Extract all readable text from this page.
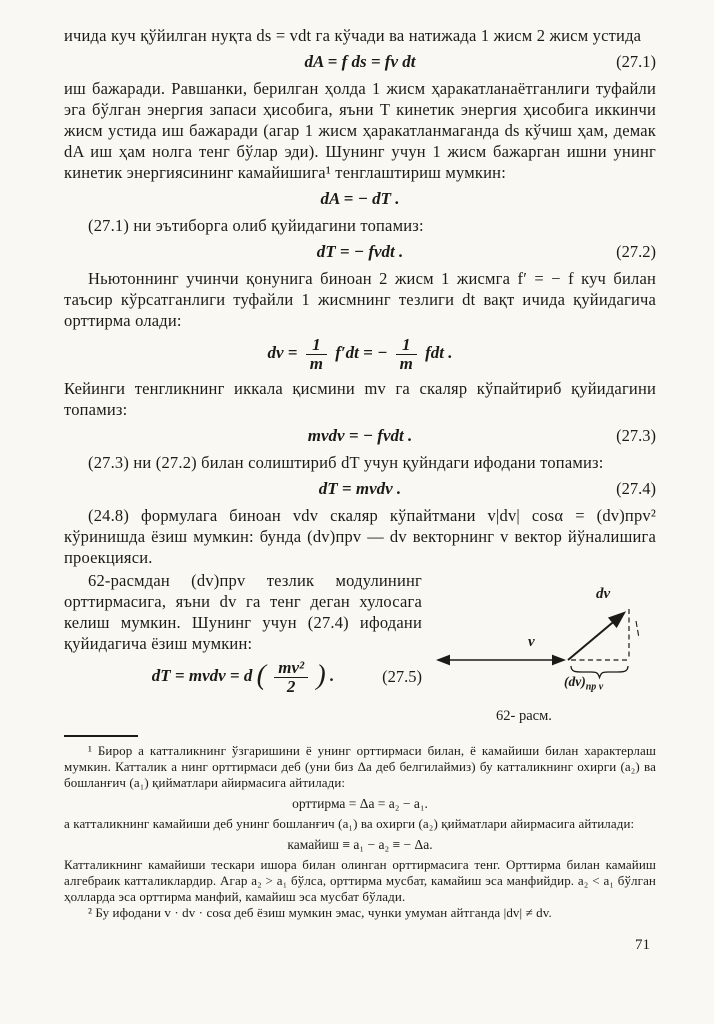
ичида куч қўйилган нуқта ds = vdt га кўчади ва натижада 1 жисм 2 жисм устида

dA = f ds = fv dt	(27.1)

иш бажаради. Равшанки, берилган ҳолда 1 жисм ҳаракатланаётганлиги туфайли эга бўлган энергия запаси ҳисобига, яъни T кинетик энергия ҳисобига иккинчи жисм устида иш бажаради (агар 1 жисм ҳаракатланмаганда ds кўчиш ҳам, демак dA иш ҳам нолга тенг бўлар эди). Шунинг учун 1 жисм бажарган ишни унинг кинетик энергиясининг камайишига¹ тенглаштириш мумкин:

dA = − dT .

(27.1) ни эътиборга олиб қуйидагини топамиз:

dT = − fvdt .	(27.2)

Ньютоннинг учинчи қонунига биноан 2 жисм 1 жисмга f′ = − f куч билан таъсир кўрсатганлиги туфайли 1 жисмнинг тезлиги dt вақт ичида қуйидагича орттирма олади:

dv = $\frac{1}{m} f'dt$ = − $\frac{1}{m}$ fdt .

Кейинги тенгликнинг иккала қисмини mv га скаляр кўпайтириб қуйидагини топамиз:

mvdv = − fvdt .	(27.3)

(27.3) ни (27.2) билан солиштириб dT учун қуйндаги ифодани топамиз:

dT = mvdv .	(27.4)

(24.8) формулага биноан vdv скаляр кўпайтмани v|dv| cosα = (dv)прv² кўринишда ёзиш мумкин: бунда (dv)прv — dv векторнинг v вектор йўналишига проекцияси.

62-расмдан (dv)прv тезлик модулининг орттирмасига, яъни dv га тенг деган хулосага келиш мумкин. Шунинг учун (27.4) ифодани қуйидагича ёзиш мумкин:

dT = mvdv = d ( $\frac{\text{mv²}}{2}$ ) .	(27.5)
v
dv
$(dv)_{пр v}$
62- расм.

¹ Бирор a катталикнинг ўзгаришини ё унинг орттирмаси билан, ё камайиши билан характерлаш мумкин. Катталик a нинг орттирмаси деб (уни биз Δa деб белгилаймиз) бу катталикнинг охирги (a₂) ва бошланғич (a₁) қийматлари айирмасига айтилади:

орттирма = Δa = a₂ − a₁.

a катталикнинг камайиши деб унинг бошланғич (a₁) ва охирги (a₂) қийматлари айирмасига айтилади:

камайиш ≡ a₁ − a₂ ≡ − Δa.

Катталикнинг камайиши тескари ишора билан олинган орттирмасига тенг. Орттирма билан камайиш алгебраик катталиклардир. Агар a₂ > a₁ бўлса, орттирма мусбат, камайиш эса манфийдир. a₂ < a₁ бўлган ҳолларда эса орттирма манфий, камайиш эса мусбат бўлади.

² Бу ифодани v · dv · cosα деб ёзиш мумкин эмас, чунки умуман айтганда |dv| ≠ dv.

71
